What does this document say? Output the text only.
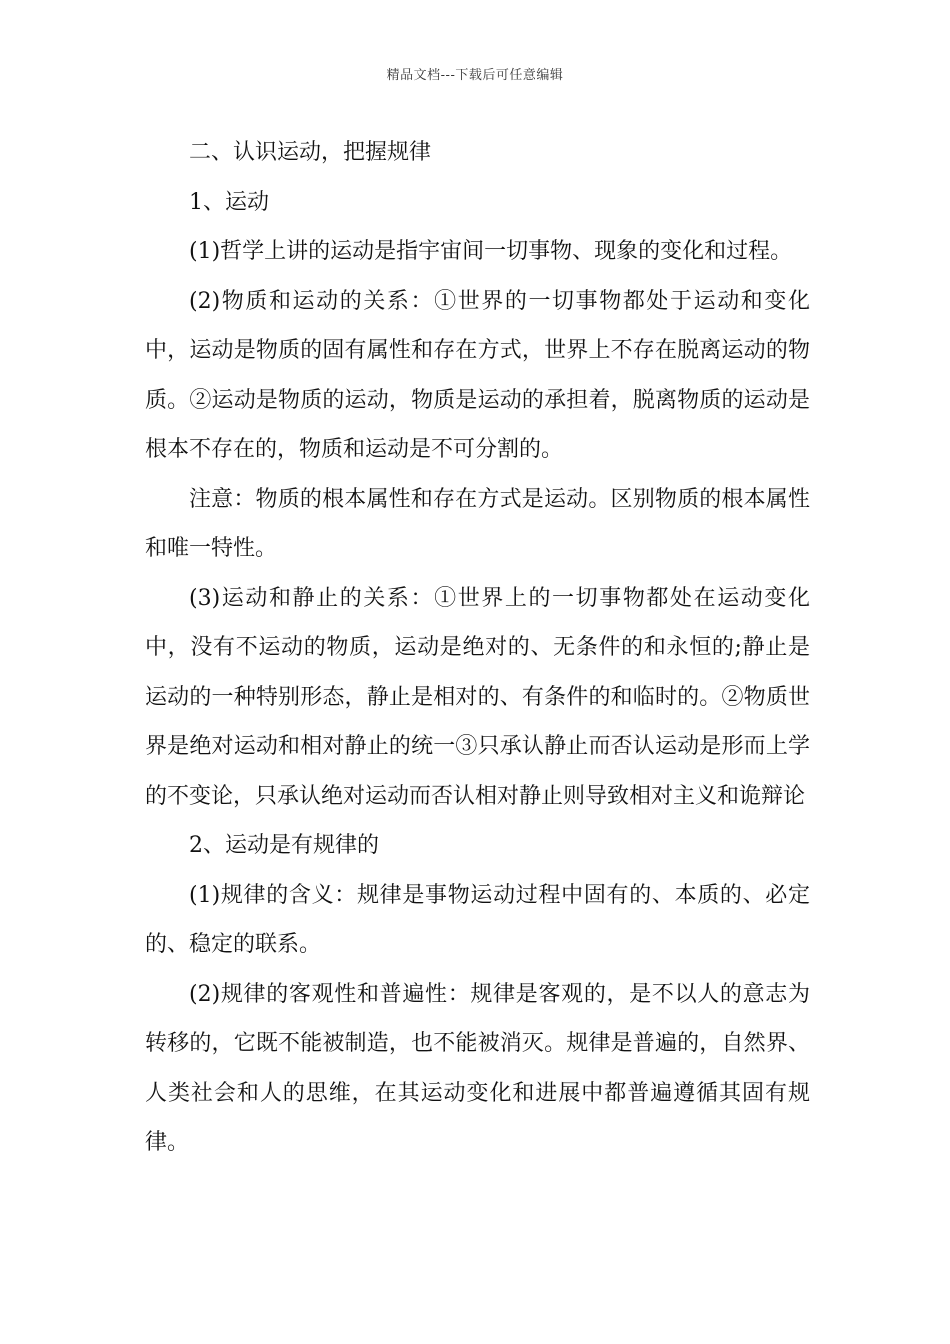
精品文档---下载后可任意编辑

二、认识运动，把握规律

1、运动

(1)哲学上讲的运动是指宇宙间一切事物、现象的变化和过程。

(2)物质和运动的关系：①世界的一切事物都处于运动和变化中，运动是物质的固有属性和存在方式，世界上不存在脱离运动的物质。②运动是物质的运动，物质是运动的承担着，脱离物质的运动是根本不存在的，物质和运动是不可分割的。

注意：物质的根本属性和存在方式是运动。区别物质的根本属性和唯一特性。

(3)运动和静止的关系：①世界上的一切事物都处在运动变化中，没有不运动的物质，运动是绝对的、无条件的和永恒的;静止是运动的一种特别形态，静止是相对的、有条件的和临时的。②物质世界是绝对运动和相对静止的统一③只承认静止而否认运动是形而上学的不变论，只承认绝对运动而否认相对静止则导致相对主义和诡辩论

2、运动是有规律的

(1)规律的含义：规律是事物运动过程中固有的、本质的、必定的、稳定的联系。

(2)规律的客观性和普遍性：规律是客观的，是不以人的意志为转移的，它既不能被制造，也不能被消灭。规律是普遍的，自然界、人类社会和人的思维，在其运动变化和进展中都普遍遵循其固有规律。
